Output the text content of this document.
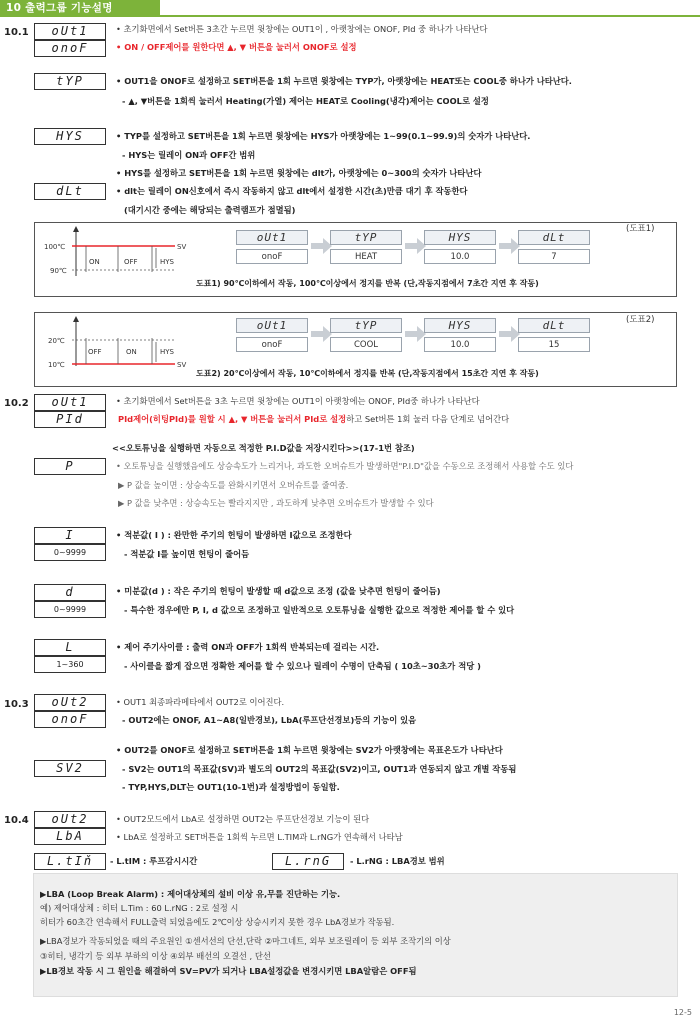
10 출력그룹 기능설명
10.1	oUt1
onoF
• 초기화면에서 Set버튼 3초간 누르면 윗창에는 OUT1이 , 아랫창에는 ONOF, PId 중 하나가 나타난다
• ON / OFF제어를 원한다면 ▲, ▼ 버튼을 눌러서 ONOF로 설정
tYP	• OUT1을 ONOF로 설정하고 SET버튼을 1회 누르면 윗창에는 TYP가, 아랫창에는 HEAT또는 COOL중 하나가 나타난다.
- ▲, ▼버튼을 1회씩 눌러서 Heating(가열) 제어는 HEAT로 Cooling(냉각)제어는 COOL로 설정
HYS	• TYP를 설정하고 SET버튼을 1회 누르면 윗창에는 HYS가 아랫창에는 1~99(0.1~99.9)의 숫자가 나타난다.
- HYS는 릴레이 ON과 OFF간 범위
• HYS를 설정하고 SET버튼을 1회 누르면 윗창에는 dlt가, 아랫창에는 0~300의 숫자가 나타난다
dLt	• dlt는 릴레이 ON신호에서 즉시 작동하지 않고 dlt에서 설정한 시간(초)만큼 대기 후 작동한다
(대기시간 중에는 해당되는 출력램프가 점멸됨)
(도표1)
100℃
90℃
SV
ON	OFF	HYS
oUt1
onoF
tYP
HEAT
HYS
10.0
dLt
7
도표1) 90℃이하에서 작동, 100℃이상에서 정지를 반복 (단,작동지점에서 7초간 지연 후 작동)
(도표2)
20℃
10℃	SV
OFF	ON	HYS
oUt1
onoF
tYP
COOL
HYS
10.0
dLt
15
도표2) 20℃이상에서 작동, 10℃이하에서 정지를 반복 (단,작동지점에서 15초간 지연 후 작동)
10.2	oUt1
PId
• 초기화면에서 Set버튼을 3초 누르면 윗창에는 OUT1이 아랫창에는 ONOF, PId중 하나가 나타난다
PId제어(히팅PId)를 원할 시 ▲, ▼ 버튼을 눌러서 PId로 설정하고 Set버튼 1회 눌러 다음 단계로 넘어간다
<<오토튜닝을 실행하면 자동으로 적정한 P.I.D값을 저장시킨다>>(17-1번 참조)
P	• 오토튜닝을 실행했음에도 상승속도가 느리거나, 과도한 오버슈트가 발생하면"P.I.D"값을 수동으로 조정해서 사용할 수도 있다
▶ P 값을 높이면 : 상승속도를 완화시키면서 오버슈트를 줄여줌.
▶ P 값을 낮추면 : 상승속도는 빨라지지만 , 과도하게 낮추면 오버슈트가 발생할 수 있다
I
0~9999
• 적분값( I ) : 완만한 주기의 헌팅이 발생하면 I값으로 조정한다
- 적분값 I를 높이면 헌팅이 줄어듬
d
0~9999
• 미분값(d ) : 작은 주기의 헌팅이 발생할 때 d값으로 조정 (값을 낮추면 헌팅이 줄어듬)
- 특수한 경우에만 P, I, d 값으로 조정하고 일반적으로 오토튜닝을 실행한 값으로 적정한 제어를 할 수 있다
L
1~360
• 제어 주기사이클 : 출력 ON과 OFF가 1회씩 반복되는데 걸리는 시간.
- 사이클을 짧게 잡으면 정확한 제어를 할 수 있으나 릴레이 수명이 단축됨 ( 10초~30초가 적당 )
10.3	oUt2
onoF
• OUT1 최종파라메타에서 OUT2로 이어진다.
- OUT2에는 ONOF, A1~A8(일반경보), LbA(루프단선경보)등의 기능이 있음
• OUT2를 ONOF로 설정하고 SET버튼을 1회 누르면 윗창에는 SV2가 아랫창에는 목표온도가 나타난다
SV2	- SV2는 OUT1의 목표값(SV)과 별도의 OUT2의 목표값(SV2)이고, OUT1과 연동되지 않고 개별 작동됨
- TYP,HYS,DLT는 OUT1(10-1번)과 설정방법이 동일함.
10.4	oUt2
LbA
• OUT2모드에서 LbA로 설정하면 OUT2는 루프단선경보 기능이 된다
• LbA로 설정하고 SET버튼을 1회씩 누르면 L.TIM과 L.rNG가 연속해서 나타남
L.tIň	- L.tIM : 루프감시시간	L.rnG	- L.rNG : LBA경보 범위
▶LBA (Loop Break Alarm) : 제어대상체의 설비 이상 유,무를 진단하는 기능.
예) 제어대상체 : 히터 L.Tim : 60 L.rNG : 2로 설정 시
히터가 60초간 연속해서 FULL출력 되었음에도 2℃이상 상승시키지 못한 경우 LbA경보가 작동됨.
▶LBA경보가 작동되었을 때의 주요원인 ①센서선의 단선,단락 ②마그네트, 외부 보조릴레이 등 외부 조작기의 이상
③히터, 냉각기 등 외부 부하의 이상 ④외부 배선의 오결선 , 단선
▶LB경보 작동 시 그 원인을 해결하여 SV=PV가 되거나 LBA설정값을 변경시키면 LBA알람은 OFF됨
12-5
